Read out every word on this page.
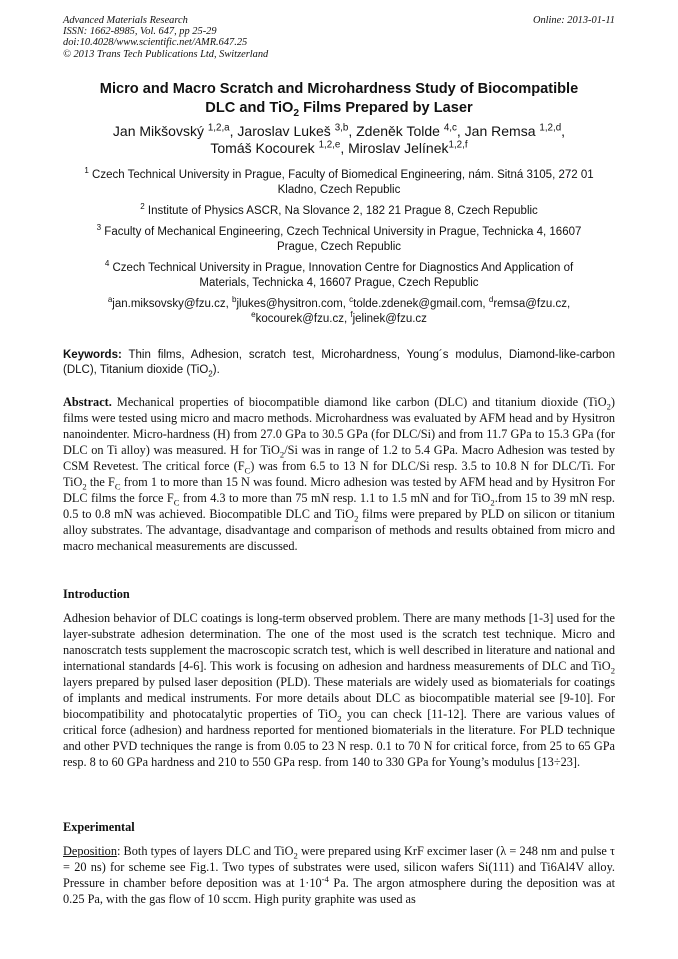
Advanced Materials Research
ISSN: 1662-8985, Vol. 647, pp 25-29
doi:10.4028/www.scientific.net/AMR.647.25
© 2013 Trans Tech Publications Ltd, Switzerland
Online: 2013-01-11
Micro and Macro Scratch and Microhardness Study of Biocompatible
DLC and TiO$_2$ Films Prepared by Laser
Jan Mikšovský $^{1,2,a}$, Jaroslav Lukeš $^{3,b}$, Zdeněk Tolde $^{4,c}$, Jan Remsa $^{1,2,d}$,
Tomáš Kocourek $^{1,2,e}$, Miroslav Jelínek$^{1,2,f}$
$^1$ Czech Technical University in Prague, Faculty of Biomedical Engineering, nám. Sitná 3105, 272 01
Kladno, Czech Republic
$^2$ Institute of Physics ASCR, Na Slovance 2, 182 21 Prague 8, Czech Republic
$^3$ Faculty of Mechanical Engineering, Czech Technical University in Prague, Technicka 4, 16607
Prague, Czech Republic
$^4$ Czech Technical University in Prague, Innovation Centre for Diagnostics And Application of
Materials, Technicka 4, 16607 Prague, Czech Republic
$^a$jan.miksovsky@fzu.cz, $^b$jlukes@hysitron.com, $^c$tolde.zdenek@gmail.com, $^d$remsa@fzu.cz,
$^e$kocourek@fzu.cz, $^f$jelinek@fzu.cz
Keywords: Thin films, Adhesion, scratch test, Microhardness, Young´s modulus, Diamond-like-carbon (DLC), Titanium dioxide (TiO$_2$).
Abstract. Mechanical properties of biocompatible diamond like carbon (DLC) and titanium dioxide (TiO$_2$) films were tested using micro and macro methods. Microhardness was evaluated by AFM head and by Hysitron nanoindenter. Micro-hardness (H) from 27.0 GPa to 30.5 GPa (for DLC/Si) and from 11.7 GPa to 15.3 GPa (for DLC on Ti alloy) was measured. H for TiO$_2$/Si was in range of 1.2 to 5.4 GPa. Macro Adhesion was tested by CSM Revetest. The critical force $(F_C)$ was from 6.5 to 13 N for DLC/Si resp. 3.5 to 10.8 N for DLC/Ti. For TiO$_2$ the $F_C$ from 1 to more than 15 N was found. Micro adhesion was tested by AFM head and by Hysitron For DLC films the force $F_C$ from 4.3 to more than 75 mN resp. 1.1 to 1.5 mN and for TiO$_2$.from 15 to 39 mN resp. 0.5 to 0.8 mN was achieved. Biocompatible DLC and TiO$_2$ films were prepared by PLD on silicon or titanium alloy substrates. The advantage, disadvantage and comparison of methods and results obtained from micro and macro mechanical measurements are discussed.
Introduction
Adhesion behavior of DLC coatings is long-term observed problem. There are many methods [1-3] used for the layer-substrate adhesion determination. The one of the most used is the scratch test technique. Micro and nanoscratch tests supplement the macroscopic scratch test, which is well described in literature and national and international standards [4-6]. This work is focusing on adhesion and hardness measurements of DLC and TiO$_2$ layers prepared by pulsed laser deposition (PLD). These materials are widely used as biomaterials for coatings of implants and medical instruments. For more details about DLC as biocompatible material see [9-10]. For biocompatibility and photocatalytic properties of TiO$_2$ you can check [11-12]. There are various values of critical force (adhesion) and hardness reported for mentioned biomaterials in the literature. For PLD technique and other PVD techniques the range is from 0.05 to 23 N resp. 0.1 to 70 N for critical force, from 25 to 65 GPa resp. 8 to 60 GPa hardness and 210 to 550 GPa resp. from 140 to 330 GPa for Young’s modulus [13÷23].
Experimental
Deposition: Both types of layers DLC and TiO$_2$ were prepared using KrF excimer laser (λ = 248 nm and pulse τ = 20 ns) for scheme see Fig.1. Two types of substrates were used, silicon wafers Si(111) and Ti6Al4V alloy. Pressure in chamber before deposition was at $1\cdot 10^{-4}$ Pa. The argon atmosphere during the deposition was at 0.25 Pa, with the gas flow of 10 sccm. High purity graphite was used as
